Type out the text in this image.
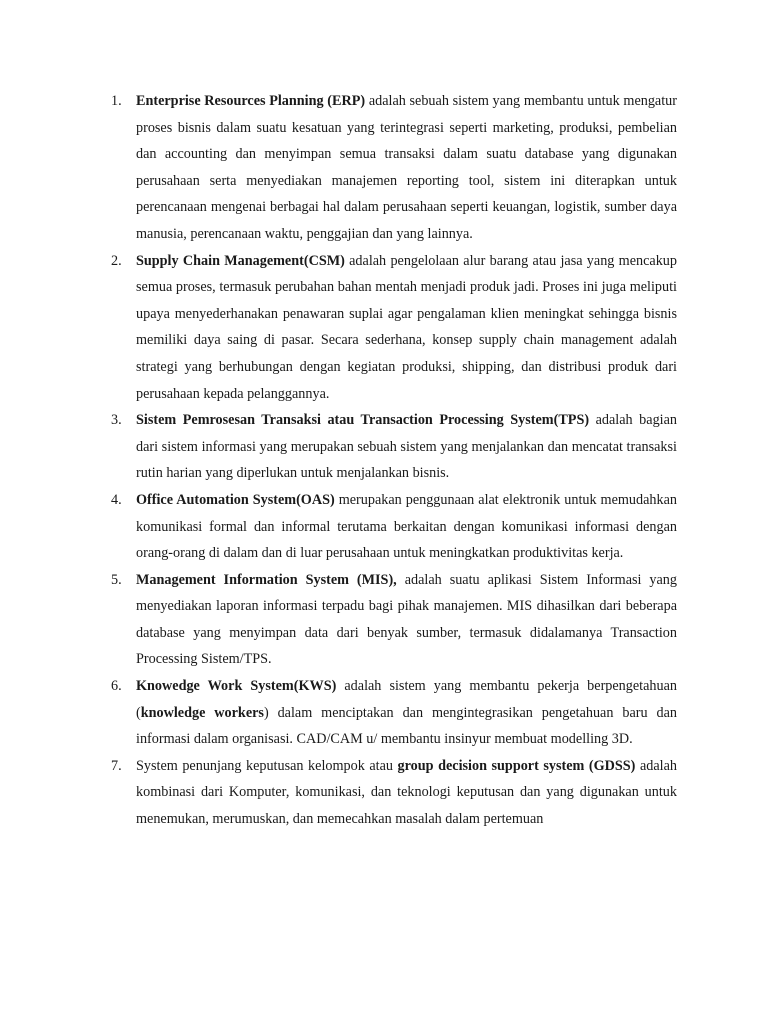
1.	Enterprise Resources Planning (ERP) adalah sebuah sistem yang membantu untuk mengatur proses bisnis dalam suatu kesatuan yang terintegrasi seperti marketing, produksi, pembelian dan accounting dan menyimpan semua transaksi dalam suatu database yang digunakan perusahaan serta menyediakan manajemen reporting tool, sistem ini diterapkan untuk perencanaan mengenai berbagai hal dalam perusahaan seperti keuangan, logistik, sumber daya manusia, perencanaan waktu, penggajian dan yang lainnya.
2.	Supply Chain Management(CSM) adalah pengelolaan alur barang atau jasa yang mencakup semua proses, termasuk perubahan bahan mentah menjadi produk jadi. Proses ini juga meliputi upaya menyederhanakan penawaran suplai agar pengalaman klien meningkat sehingga bisnis memiliki daya saing di pasar. Secara sederhana, konsep supply chain management adalah strategi yang berhubungan dengan kegiatan produksi, shipping, dan distribusi produk dari perusahaan kepada pelanggannya.
3.	Sistem Pemrosesan Transaksi atau Transaction Processing System(TPS) adalah bagian dari sistem informasi yang merupakan sebuah sistem yang menjalankan dan mencatat transaksi rutin harian yang diperlukan untuk menjalankan bisnis.
4.	Office Automation System(OAS) merupakan penggunaan alat elektronik untuk memudahkan komunikasi formal dan informal terutama berkaitan dengan komunikasi informasi dengan orang-orang di dalam dan di luar perusahaan untuk meningkatkan produktivitas kerja.
5.	Management Information System (MIS), adalah suatu aplikasi Sistem Informasi yang menyediakan laporan informasi terpadu bagi pihak manajemen. MIS dihasilkan dari beberapa database yang menyimpan data dari benyak sumber, termasuk didalamanya Transaction Processing Sistem/TPS.
6.	Knowedge Work System(KWS) adalah sistem yang membantu pekerja berpengetahuan (knowledge workers) dalam menciptakan dan mengintegrasikan pengetahuan baru dan informasi dalam organisasi. CAD/CAM u/ membantu insinyur membuat modelling 3D.
7.	System penunjang keputusan kelompok atau group decision support system (GDSS) adalah kombinasi dari Komputer, komunikasi, dan teknologi keputusan dan yang digunakan untuk menemukan, merumuskan, dan memecahkan masalah dalam pertemuan
